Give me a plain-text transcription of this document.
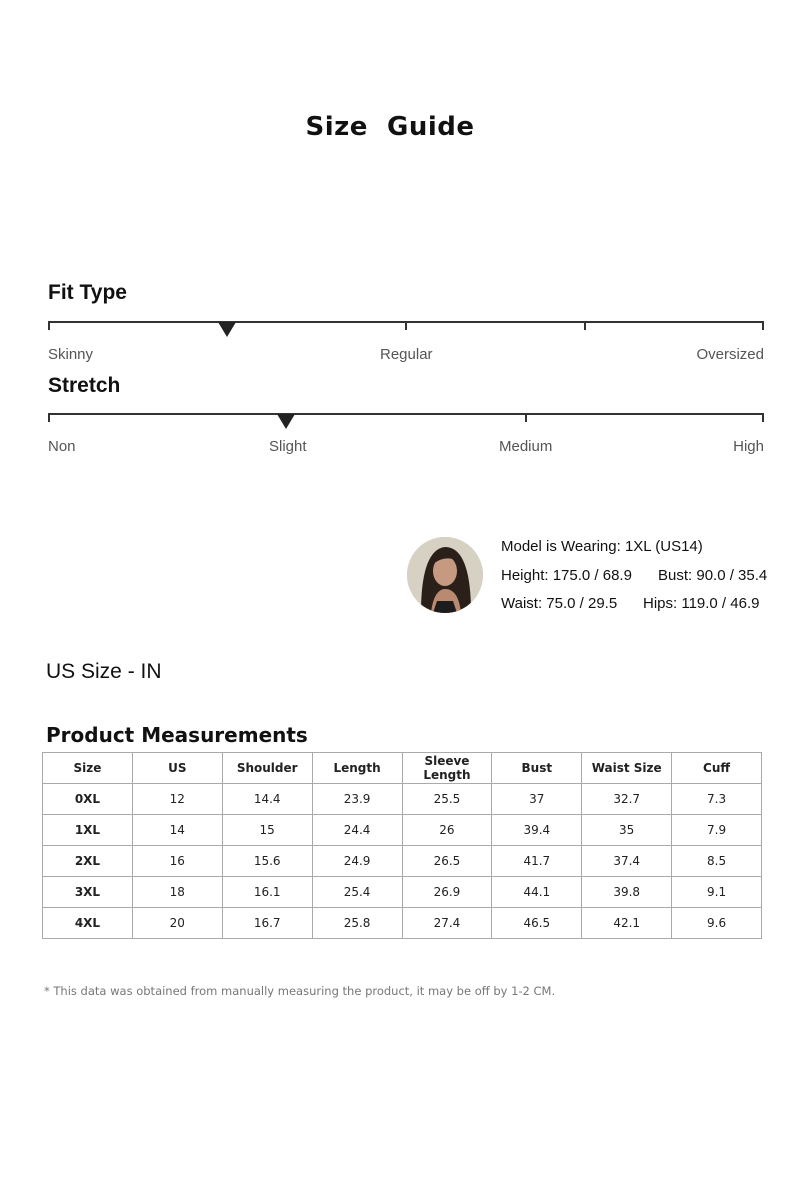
Size  Guide
Fit Type
Skinny	Regular	Oversized
Stretch
Non	Slight	Medium	High
Model is Wearing: 1XL (US14)
Height: 175.0 / 68.9 Bust: 90.0 / 35.4
Waist: 75.0 / 29.5 Hips: 119.0 / 46.9
US Size - IN
Product Measurements
Size	US	Shoulder	Length	Sleeve Length	Bust	Waist Size	Cuff
0XL	12	14.4	23.9	25.5	37	32.7	7.3
1XL	14	15	24.4	26	39.4	35	7.9
2XL	16	15.6	24.9	26.5	41.7	37.4	8.5
3XL	18	16.1	25.4	26.9	44.1	39.8	9.1
4XL	20	16.7	25.8	27.4	46.5	42.1	9.6
* This data was obtained from manually measuring the product, it may be off by 1-2 CM.
